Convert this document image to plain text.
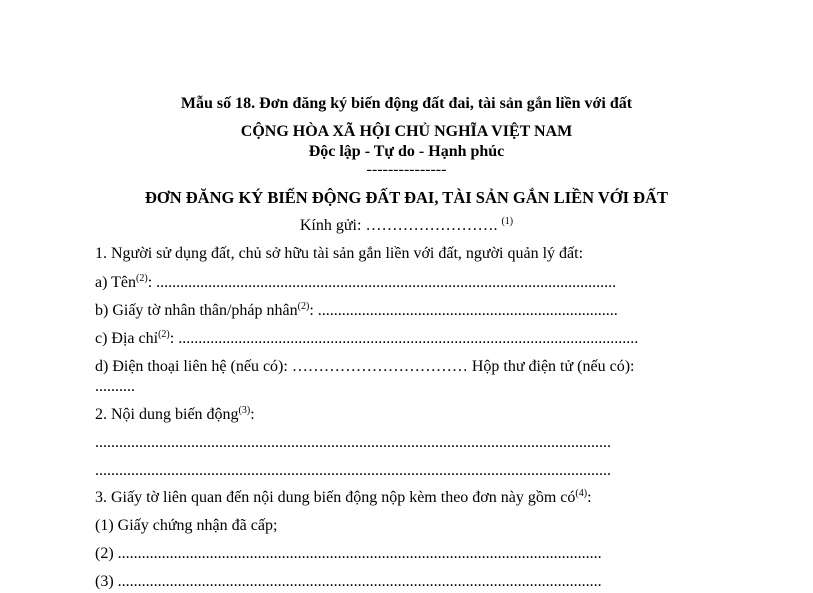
Mẫu số 18. Đơn đăng ký biến động đất đai, tài sản gắn liền với đất
CỘNG HÒA XÃ HỘI CHỦ NGHĨA VIỆT NAM
Độc lập - Tự do - Hạnh phúc
---------------
ĐƠN ĐĂNG KÝ BIẾN ĐỘNG ĐẤT ĐAI, TÀI SẢN GẮN LIỀN VỚI ĐẤT
Kính gửi: ……………………. $^{(1)}$
1. Người sử dụng đất, chủ sở hữu tài sản gắn liền với đất, người quản lý đất:
a) Tên$^{(2)}$: ...................................................................................................................
b) Giấy tờ nhân thân/pháp nhân$^{(2)}$: ...........................................................................
c) Địa chỉ$^{(2)}$: ...................................................................................................................
d) Điện thoại liên hệ (nếu có): …………………………… Hộp thư điện tử (nếu có):
..........
2. Nội dung biến động$^{(3)}$:
.................................................................................................................................
.................................................................................................................................
3. Giấy tờ liên quan đến nội dung biến động nộp kèm theo đơn này gồm $có^{(4)}$:
(1) Giấy chứng nhận đã cấp;
(2) .........................................................................................................................
(3) .........................................................................................................................
